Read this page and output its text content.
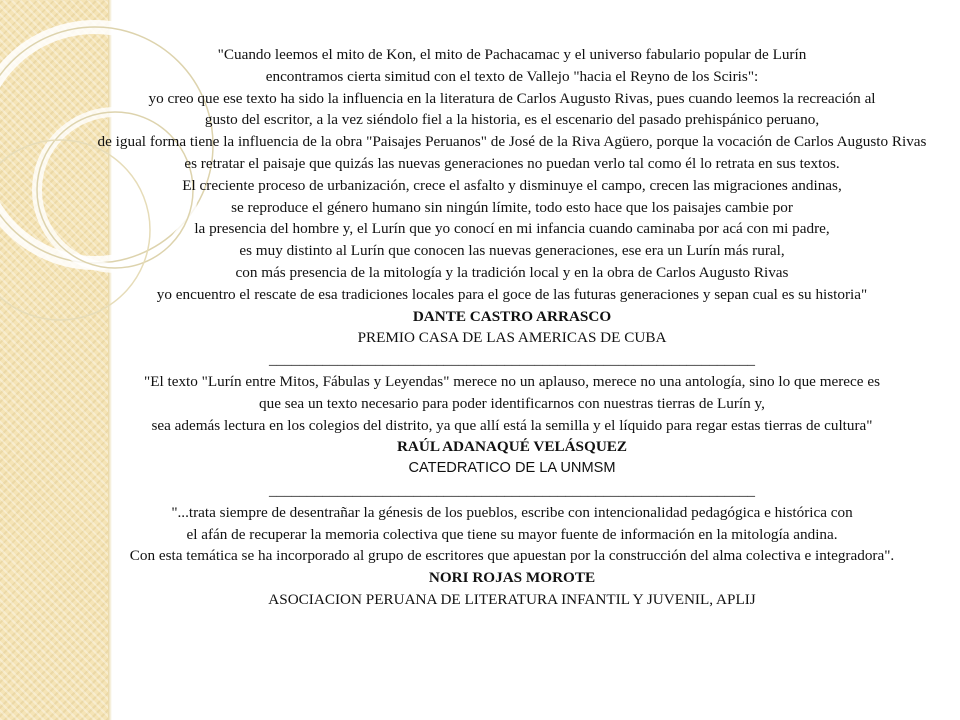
"Cuando leemos el mito de Kon, el mito de Pachacamac y el universo fabulario popular de Lurín

encontramos cierta simitud con el texto de Vallejo "hacia el Reyno de los Sciris":

yo creo que ese texto ha sido la influencia en la literatura de Carlos Augusto Rivas, pues cuando leemos la recreación al

gusto del escritor, a la vez siéndolo fiel a la historia, es el escenario del pasado prehispánico peruano,

de igual forma tiene la influencia de la obra "Paisajes Peruanos" de José de la Riva Agüero, porque la vocación de Carlos Augusto Rivas

es retratar el paisaje que quizás las nuevas generaciones no puedan verlo tal como él lo retrata en sus textos.

El creciente proceso de urbanización, crece el asfalto y disminuye el campo, crecen las migraciones andinas,

se reproduce el género humano sin ningún límite, todo esto hace que los paisajes cambie por

la presencia del hombre y, el Lurín que yo conocí en mi infancia cuando caminaba por acá con mi padre,

es muy distinto al Lurín que conocen las nuevas generaciones, ese era un Lurín más rural,

con más presencia de la mitología y la tradición local y en la obra de Carlos Augusto Rivas

yo encuentro el rescate de esa tradiciones locales para el goce de las futuras generaciones y sepan cual es su historia"

DANTE CASTRO ARRASCO

PREMIO CASA DE LAS AMERICAS DE CUBA

________________________________________________________________

"El texto "Lurín entre Mitos, Fábulas y Leyendas" merece no un aplauso, merece no una antología, sino lo que merece es

que sea un texto necesario para poder identificarnos con nuestras tierras de Lurín y,

sea además lectura en los colegios del distrito, ya que allí está la semilla y el líquido para regar estas tierras de cultura"

RAÚL ADANAQUÉ VELÁSQUEZ

CATEDRATICO DE LA UNMSM

________________________________________________________________

"...trata siempre de desentrañar la génesis de los pueblos, escribe con intencionalidad pedagógica e histórica con

el afán de recuperar la memoria colectiva que tiene su mayor fuente de información en la mitología andina.

Con esta temática se ha incorporado al grupo de escritores que apuestan por la construcción del alma colectiva e integradora".

NORI ROJAS MOROTE

ASOCIACION PERUANA DE LITERATURA INFANTIL Y JUVENIL, APLIJ
